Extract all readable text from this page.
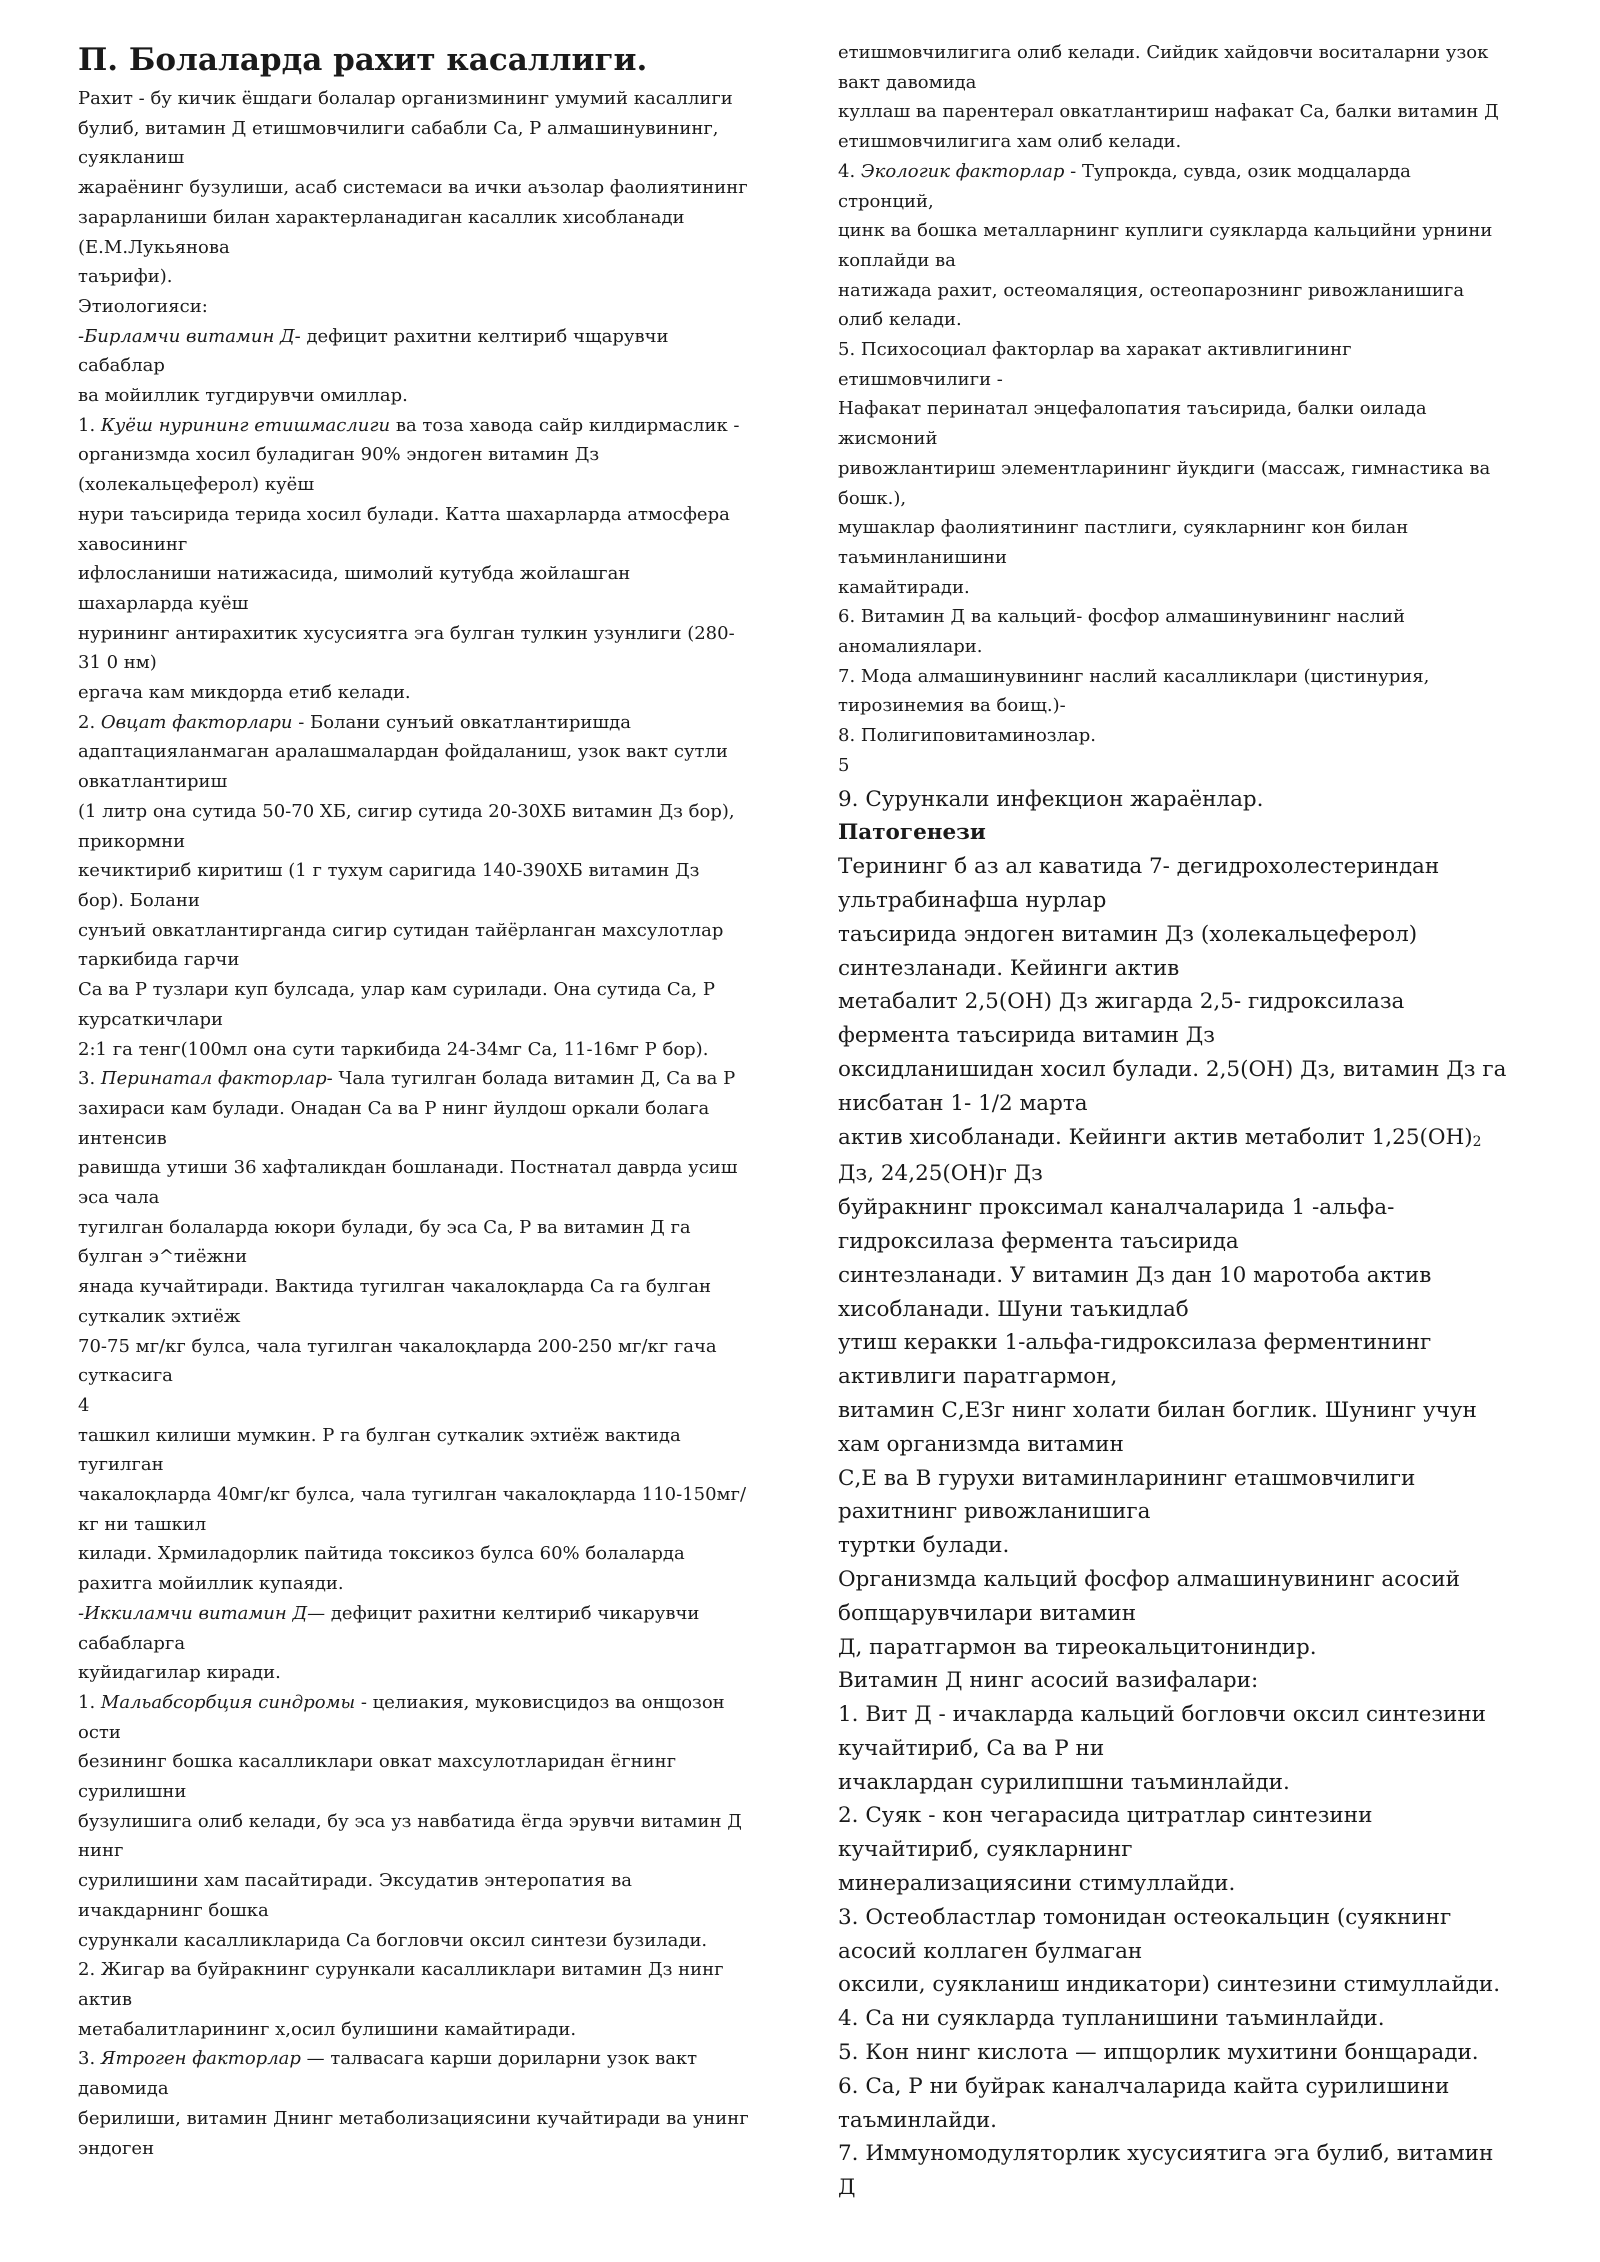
П. Болаларда рахит касаллиги.

Рахит - бу кичик ёшдаги болалар организмининг умумий касаллиги

булиб, витамин Д етишмовчилиги сабабли Са, Р алмашинувининг, суякланиш

жараёнинг бузулиши, асаб системаси ва ички аъзолар фаолиятининг

зарарланиши билан характерланадиган касаллик хисобланади (Е.М.Лукьянова

таърифи).

Этиологияси:

-Бирламчи витамин Д- дефицит рахитни келтириб чщарувчи сабаблар

ва мойиллик тугдирувчи омиллар.

1. Куёш нурининг етишмаслиги ва тоза хавода сайр килдирмаслик -

организмда хосил буладиган 90% эндоген витамин Дз (холекальцеферол) куёш

нури таъсирида терида хосил булади. Катта шахарларда атмосфера хавосининг

ифлосланиши натижасида, шимолий кутубда жойлашган шахарларда куёш

нурининг антирахитик хусусиятга эга булган тулкин узунлиги (280- 31 0 нм)

ергача кам микдорда етиб келади.

2. Овцат факторлари - Болани сунъий овкатлантиришда

адаптацияланмаган аралашмалардан фойдаланиш, узок вакт сутли овкатлантириш

(1 литр она сутида 50-70 ХБ, сигир сутида 20-30ХБ витамин Дз бор), прикормни

кечиктириб киритиш (1 г тухум саригида 140-390ХБ витамин Дз бор). Болани

сунъий овкатлантирганда сигир сутидан тайёрланган махсулотлар таркибида гарчи

Са ва Р тузлари куп булсада, улар кам сурилади. Она сутида Са, Р курсаткичлари

2:1 га тенг(100мл она сути таркибида 24-34мг Са, 11-16мг Р бор).

3. Перинатал факторлар- Чала тугилган болада витамин Д, Са ва Р

захираси кам булади. Онадан Са ва Р нинг йулдош оркали болага интенсив

равишда утиши 36 хафталикдан бошланади. Постнатал даврда усиш эса чала

тугилган болаларда юкори булади, бу эса Са, Р ва витамин Д га булган э^тиёжни

янада кучайтиради. Вактида тугилган чакалоқларда Са га булган суткалик эхтиёж

70-75 мг/кг булса, чала тугилган чакалоқларда 200-250 мг/кг гача суткасига

4

ташкил килиши мумкин. Р га булган суткалик эхтиёж вактида тугилган

чакалоқларда 40мг/кг булса, чала тугилган чакалоқларда 110-150мг/кг ни ташкил

килади. Хрмиладорлик пайтида токсикоз булса 60% болаларда рахитга мойиллик купаяди.

-Иккиламчи витамин Д— дефицит рахитни келтириб чикарувчи сабабларга

куйидагилар киради.

1. Мальабсорбция синдромы - целиакия, муковисцидоз ва онщозон ости

безининг бошка касалликлари овкат махсулотларидан ёгнинг сурилишни

бузулишига олиб келади, бу эса уз навбатида ёгда эрувчи витамин Д нинг

сурилишини хам пасайтиради. Эксудатив энтеропатия ва ичакдарнинг бошка

сурункали касалликларида Са богловчи оксил синтези бузилади.

2. Жигар ва буйракнинг сурункали касалликлари витамин Дз нинг актив

метабалитларининг х,осил булишини камайтиради.

3. Ятроген факторлар — талвасага карши дориларни узок вакт давомида

берилиши, витамин Днинг метаболизациясини кучайтиради ва унинг эндоген

етишмовчилигига олиб келади. Сийдик хайдовчи воситаларни узок вакт давомида

куллаш ва парентерал овкатлантириш нафакат Са, балки витамин Д

етишмовчилигига хам олиб келади.

4. Экологик факторлар - Тупрокда, сувда, озик модцаларда стронций,

цинк ва бошка металларнинг куплиги суякларда кальцийни урнини коплайди ва

натижада рахит, остеомаляция, остеопарознинг ривожланишига олиб келади.

5. Психосоциал факторлар ва харакат активлигининг етишмовчилиги -

Нафакат перинатал энцефалопатия таъсирида, балки оилада жисмоний

ривожлантириш элементларининг йукдиги (массаж, гимнастика ва бошк.),

мушаклар фаолиятининг пастлиги, суякларнинг кон билан таъминланишини

камайтиради.

6. Витамин Д ва кальций- фосфор алмашинувининг наслий аномалиялари.

7. Мода алмашинувининг наслий касалликлари (цистинурия, тирозинемия ва боищ.)-

8. Полигиповитаминозлар.

5

9. Сурункали инфекцион жараёнлар.

Патогенези

Терининг б аз ал каватида 7- дегидрохолестериндан ультрабинафша нурлар

таъсирида эндоген витамин Дз (холекальцеферол) синтезланади. Кейинги актив

метабалит 2,5(ОН) Дз жигарда 2,5- гидроксилаза фермента таъсирида витамин Дз

оксидланишидан хосил булади. 2,5(ОН) Дз, витамин Дз га нисбатан 1- 1/2 марта

актив хисобланади. Кейинги актив метаболит $1,25(ОН)_2$ Дз, 24,25(ОН)г Дз

буйракнинг проксимал каналчаларида 1 -альфа-гидроксилаза фермента таъсирида

синтезланади. У витамин Дз дан 10 маротоба актив хисобланади. Шуни таъкидлаб

утиш керакки 1-альфа-гидроксилаза ферментининг активлиги паратгармон,

витамин С,ЕЗг нинг холати билан боглик. Шунинг учун хам организмда витамин

С,Е ва В гурухи витаминларининг еташмовчилиги рахитнинг ривожланишига

туртки булади.

Организмда кальций фосфор алмашинувининг асосий бопщарувчилари витамин

Д, паратгармон ва тиреокальцитониндир.

Витамин Д нинг асосий вазифалари:

1. Вит Д - ичакларда кальций богловчи оксил синтезини кучайтириб, Са ва Р ни

ичаклардан сурилипшни таъминлайди.

2. Суяк - кон чегарасида цитратлар синтезини кучайтириб, суякларнинг

минерализациясини стимуллайди.

3. Остеобластлар томонидан остеокальцин (суякнинг асосий коллаген булмаган

оксили, суякланиш индикатори) синтезини стимуллайди.

4. Са ни суякларда тупланишини таъминлайди.

5. Кон нинг кислота — ипщорлик мухитини бонщаради.

6. Са, Р ни буйрак каналчаларида кайта сурилишини таъминлайди.

7. Иммуномодуляторлик хусусиятига эга булиб, витамин Д
